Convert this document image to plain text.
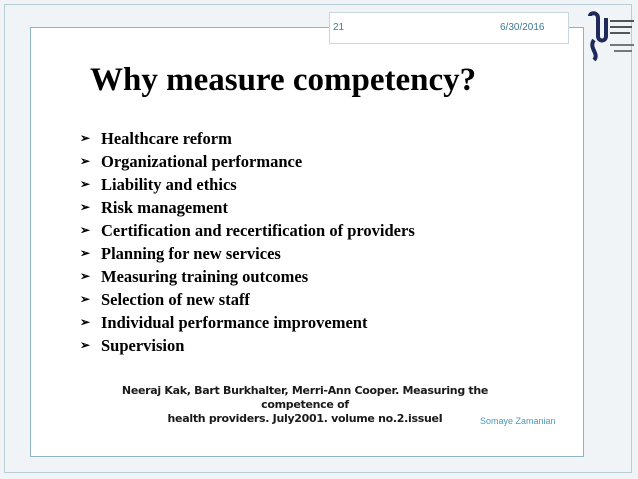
21	6/30/2016
Why measure competency?
➢ Healthcare reform
➢ Organizational performance
➢ Liability and ethics
➢ Risk management
➢ Certification and recertification of providers
➢ Planning for new services
➢ Measuring training outcomes
➢ Selection of new staff
➢ Individual performance improvement
➢ Supervision
Neeraj Kak, Bart Burkhalter, Merri-Ann Cooper. Measuring the competence of
health providers. July2001. volume no.2.issueI	Somaye Zamanian
